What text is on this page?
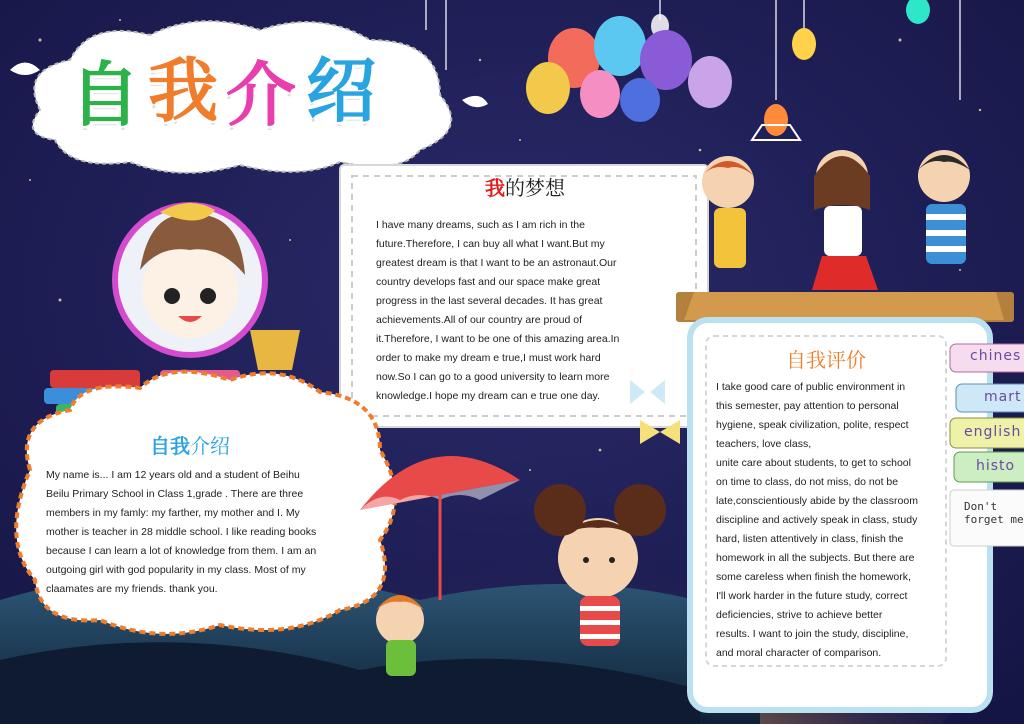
自 我 介 绍
我的梦想
I have many dreams, such as I am rich in the
future.Therefore, I can buy all what I want.But my
greatest dream is that I want to be an astronaut.Our
country develops fast and our space make great
progress in the last several decades. It has great
achievements.All of our country are proud of
it.Therefore, I want to be one of this amazing area.In
order to make my dream e true,I must work hard
now.So I can go to a good university to learn more
knowledge.I hope my dream can e true one day.
自我介绍
My name is... I am 12 years old and a student of Beihu
Beilu Primary School in Class 1,grade . There are three
members in my famly: my farther, my mother and I. My
mother is teacher in 28 middle school. I like reading books
because I can learn a lot of knowledge from them. I am an
outgoing girl with god popularity in my class. Most of my
claamates are my friends. thank you.
自我评价
I take good care of public environment in
this semester, pay attention to personal
hygiene, speak civilization, polite, respect
teachers, love class,
unite care about students, to get to school
on time to class, do not miss, do not be
late,conscientiously abide by the classroom
discipline and actively speak in class, study
hard, listen attentively in class, finish the
homework in all the subjects. But there are
some careless when finish the homework,
I'll work harder in the future study, correct
deficiencies, strive to achieve better
results. I want to join the study, discipline,
and moral character of comparison.
chines
mart
english
histo
Don't
forget me
